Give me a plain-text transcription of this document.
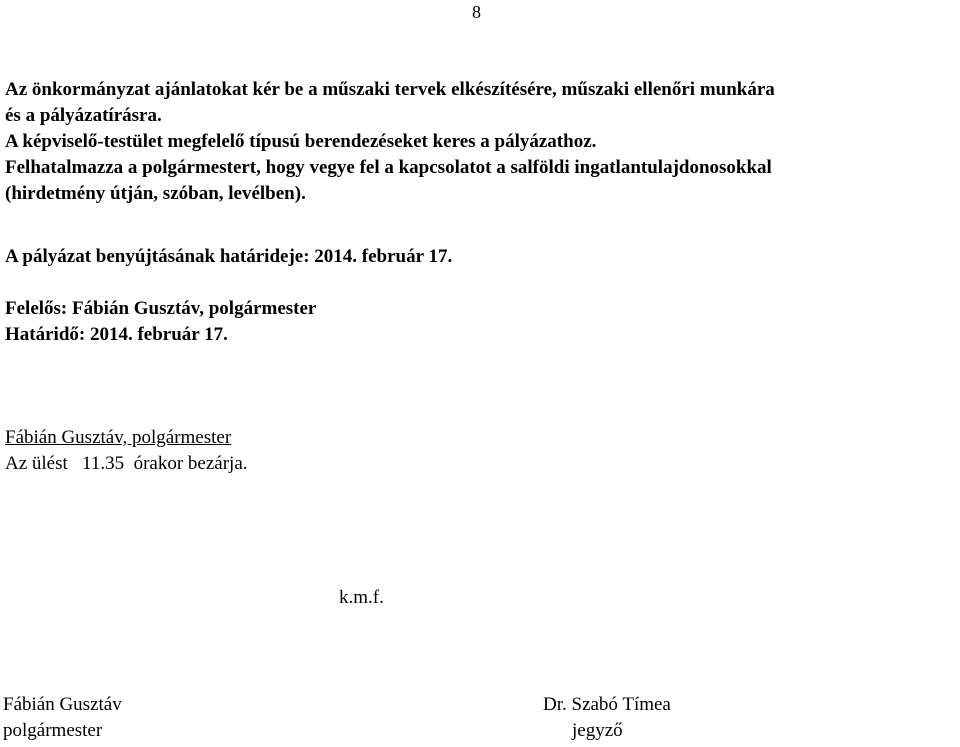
8

Az önkormányzat ajánlatokat kér be a műszaki tervek elkészítésére, műszaki ellenőri munkára

és a pályázatírásra.

A képviselő-testület megfelelő típusú berendezéseket keres a pályázathoz.

Felhatalmazza a polgármestert, hogy vegye fel a kapcsolatot a salföldi ingatlantulajdonosokkal

(hirdetmény útján, szóban, levélben).

A pályázat benyújtásának határideje: 2014. február 17.

Felelős: Fábián Gusztáv, polgármester

Határidő: 2014. február 17.

Fábián Gusztáv, polgármester
Az ülést   11.35  órakor bezárja.
k.m.f.
Fábián Gusztáv
polgármester
Dr. Szabó Tímea
jegyző
